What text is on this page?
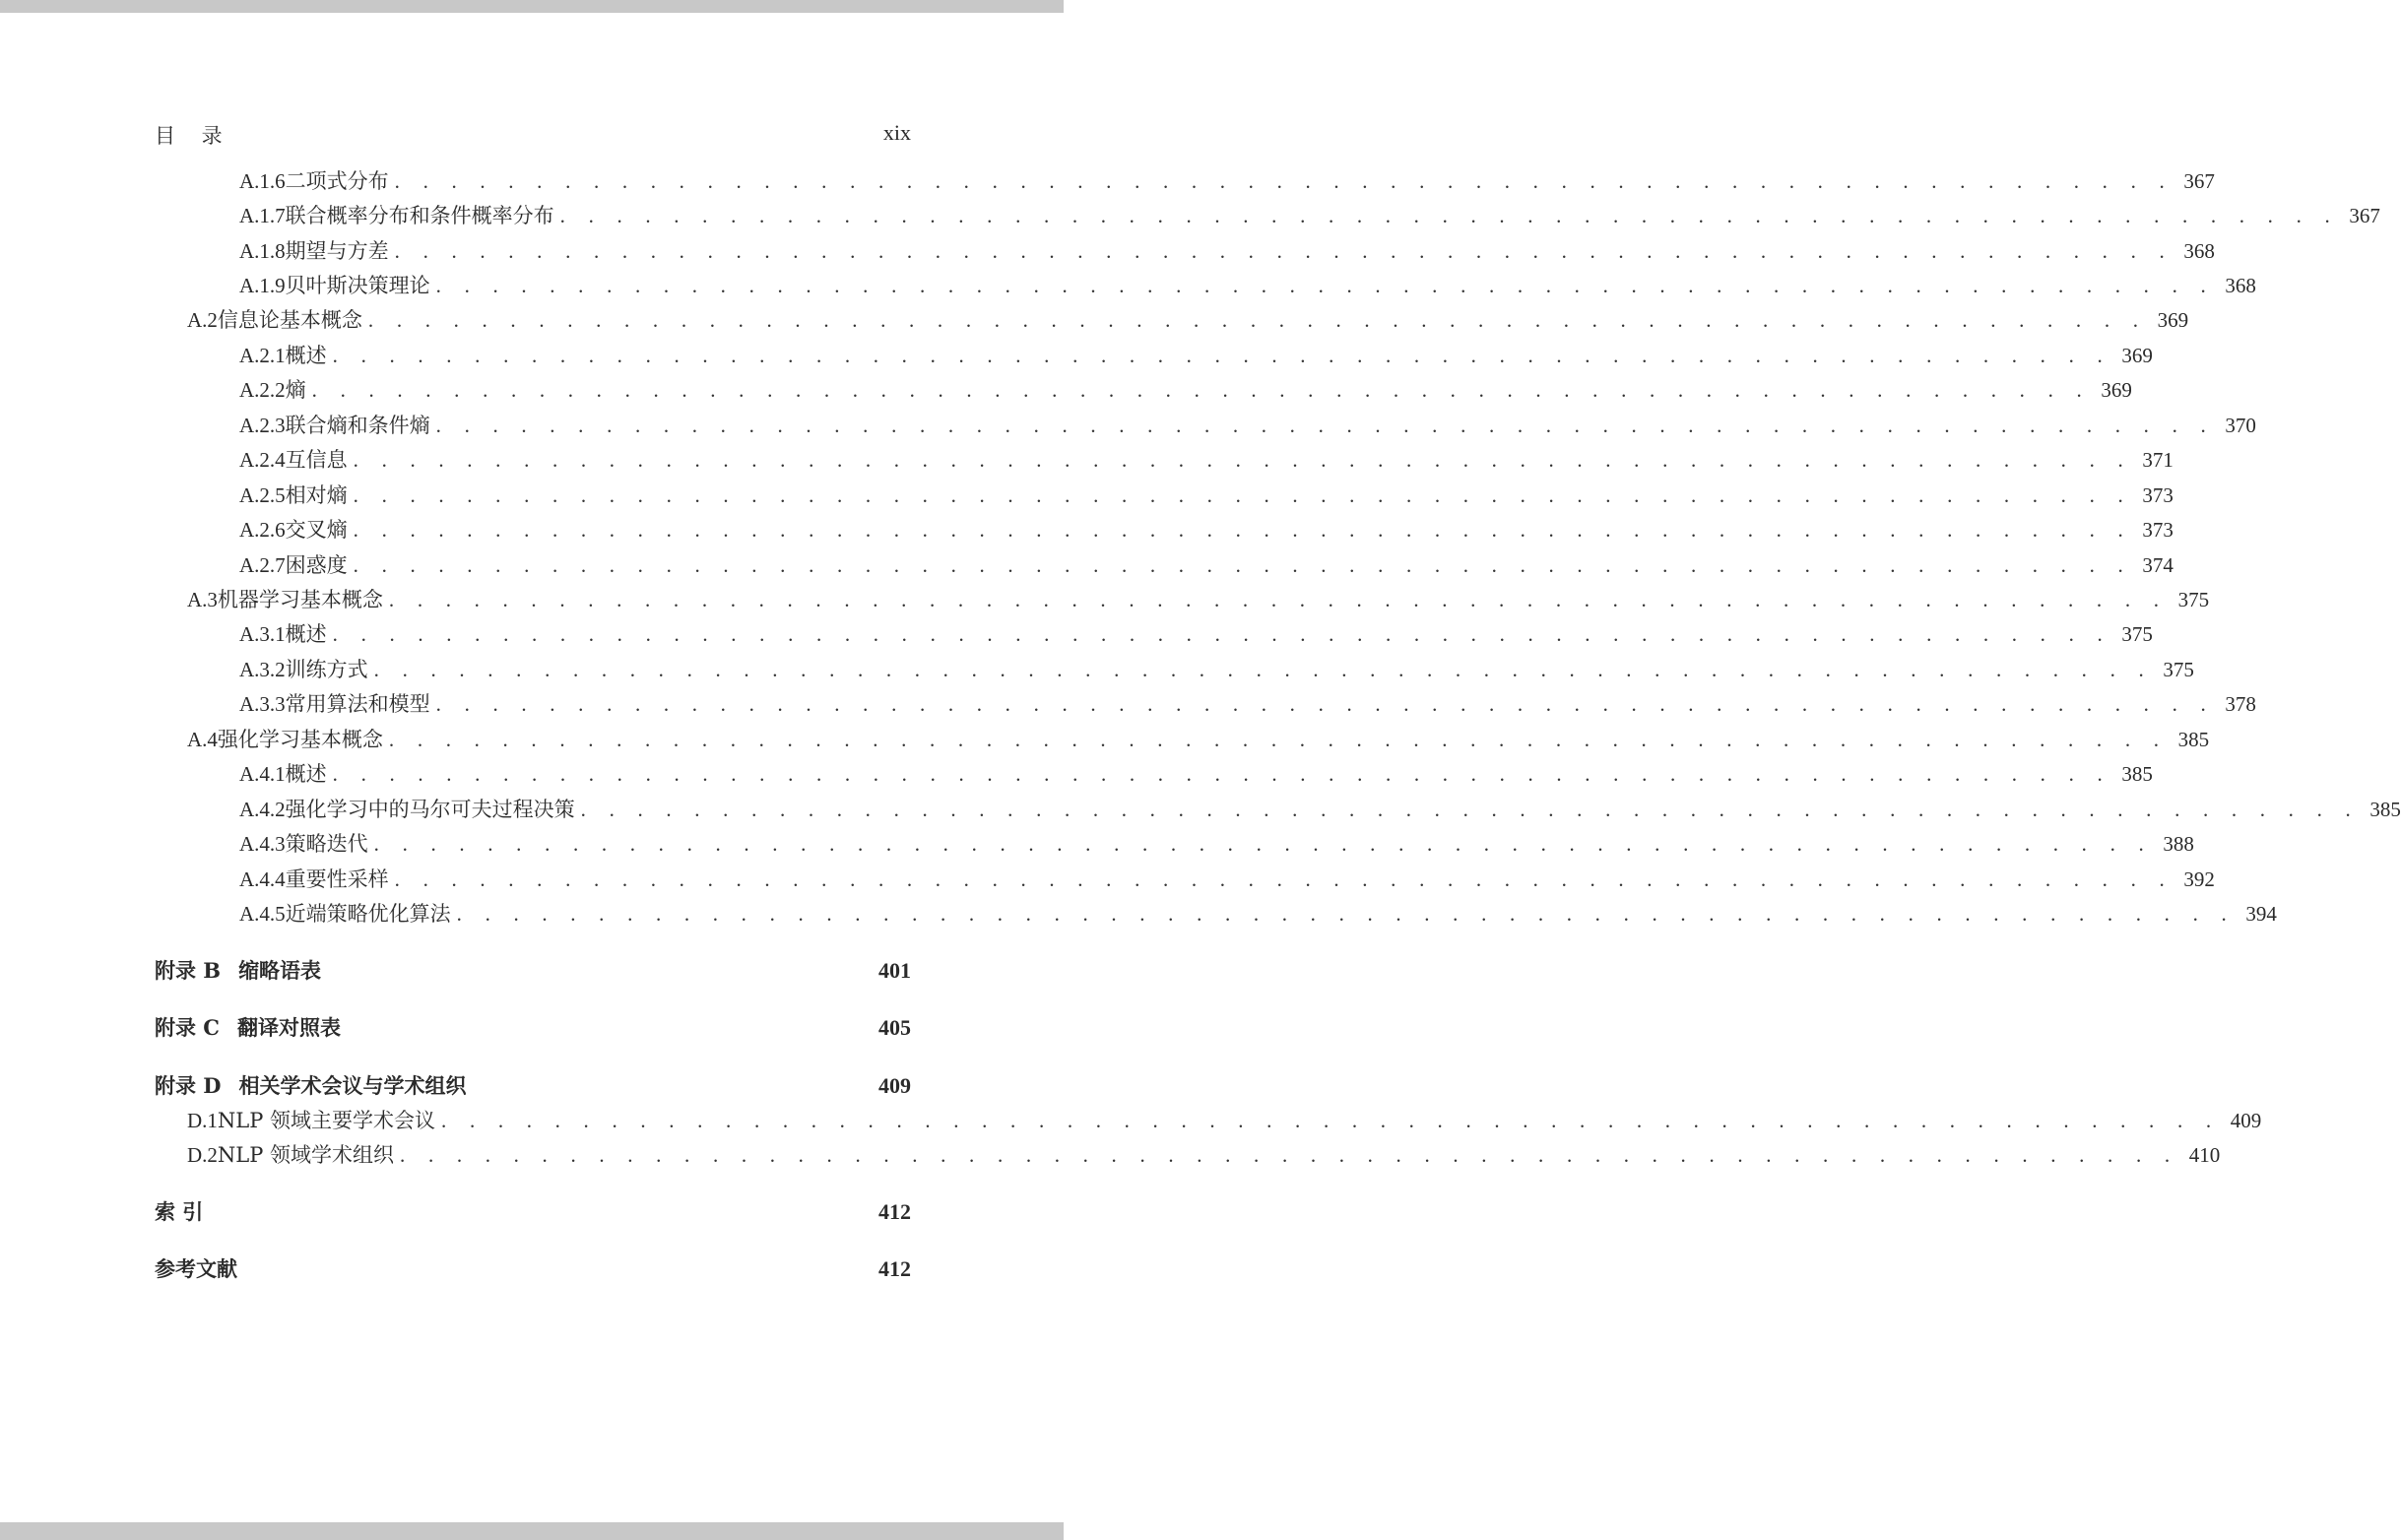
目 录	xix
A.1.6 二项式分布 . . . . . . . . . . . . . . . . . . . . . . . . . . . . . . . . . . . . . . . . . . . . . . . . . . . . . . . . . . . . . . . 367
A.1.7 联合概率分布和条件概率分布 . . . . . . . . . . . . . . . . . . . . . . . . . . . . . . . . . . . . . . . . . . . . . . . . . . . . . . . . . . . . . . . 367
A.1.8 期望与方差 . . . . . . . . . . . . . . . . . . . . . . . . . . . . . . . . . . . . . . . . . . . . . . . . . . . . . . . . . . . . . . . 368
A.1.9 贝叶斯决策理论 . . . . . . . . . . . . . . . . . . . . . . . . . . . . . . . . . . . . . . . . . . . . . . . . . . . . . . . . . . . . . . . 368
A.2 信息论基本概念 . . . . . . . . . . . . . . . . . . . . . . . . . . . . . . . . . . . . . . . . . . . . . . . . . . . . . . . . . . . . . . . 369
A.2.1 概述 . . . . . . . . . . . . . . . . . . . . . . . . . . . . . . . . . . . . . . . . . . . . . . . . . . . . . . . . . . . . . . . 369
A.2.2 熵 . . . . . . . . . . . . . . . . . . . . . . . . . . . . . . . . . . . . . . . . . . . . . . . . . . . . . . . . . . . . . . . 369
A.2.3 联合熵和条件熵 . . . . . . . . . . . . . . . . . . . . . . . . . . . . . . . . . . . . . . . . . . . . . . . . . . . . . . . . . . . . . . . 370
A.2.4 互信息 . . . . . . . . . . . . . . . . . . . . . . . . . . . . . . . . . . . . . . . . . . . . . . . . . . . . . . . . . . . . . . . 371
A.2.5 相对熵 . . . . . . . . . . . . . . . . . . . . . . . . . . . . . . . . . . . . . . . . . . . . . . . . . . . . . . . . . . . . . . . 373
A.2.6 交叉熵 . . . . . . . . . . . . . . . . . . . . . . . . . . . . . . . . . . . . . . . . . . . . . . . . . . . . . . . . . . . . . . . 373
A.2.7 困惑度 . . . . . . . . . . . . . . . . . . . . . . . . . . . . . . . . . . . . . . . . . . . . . . . . . . . . . . . . . . . . . . . 374
A.3 机器学习基本概念 . . . . . . . . . . . . . . . . . . . . . . . . . . . . . . . . . . . . . . . . . . . . . . . . . . . . . . . . . . . . . . . 375
A.3.1 概述 . . . . . . . . . . . . . . . . . . . . . . . . . . . . . . . . . . . . . . . . . . . . . . . . . . . . . . . . . . . . . . . 375
A.3.2 训练方式 . . . . . . . . . . . . . . . . . . . . . . . . . . . . . . . . . . . . . . . . . . . . . . . . . . . . . . . . . . . . . . . 375
A.3.3 常用算法和模型 . . . . . . . . . . . . . . . . . . . . . . . . . . . . . . . . . . . . . . . . . . . . . . . . . . . . . . . . . . . . . . . 378
A.4 强化学习基本概念 . . . . . . . . . . . . . . . . . . . . . . . . . . . . . . . . . . . . . . . . . . . . . . . . . . . . . . . . . . . . . . . 385
A.4.1 概述 . . . . . . . . . . . . . . . . . . . . . . . . . . . . . . . . . . . . . . . . . . . . . . . . . . . . . . . . . . . . . . . 385
A.4.2 强化学习中的马尔可夫过程决策 . . . . . . . . . . . . . . . . . . . . . . . . . . . . . . . . . . . . . . . . . . . . . . . . . . . . . . . . . . . . . . . 385
A.4.3 策略迭代 . . . . . . . . . . . . . . . . . . . . . . . . . . . . . . . . . . . . . . . . . . . . . . . . . . . . . . . . . . . . . . . 388
A.4.4 重要性采样 . . . . . . . . . . . . . . . . . . . . . . . . . . . . . . . . . . . . . . . . . . . . . . . . . . . . . . . . . . . . . . . 392
A.4.5 近端策略优化算法 . . . . . . . . . . . . . . . . . . . . . . . . . . . . . . . . . . . . . . . . . . . . . . . . . . . . . . . . . . . . . . . 394
附录 B 缩略语表	401
附录 C 翻译对照表	405
附录 D 相关学术会议与学术组织	409
D.1 NLP 领域主要学术会议 . . . . . . . . . . . . . . . . . . . . . . . . . . . . . . . . . . . . . . . . . . . . . . . . . . . . . . . . . . . . . . . 409
D.2 NLP 领域学术组织 . . . . . . . . . . . . . . . . . . . . . . . . . . . . . . . . . . . . . . . . . . . . . . . . . . . . . . . . . . . . . . . 410
索 引	412
参考文献	412
